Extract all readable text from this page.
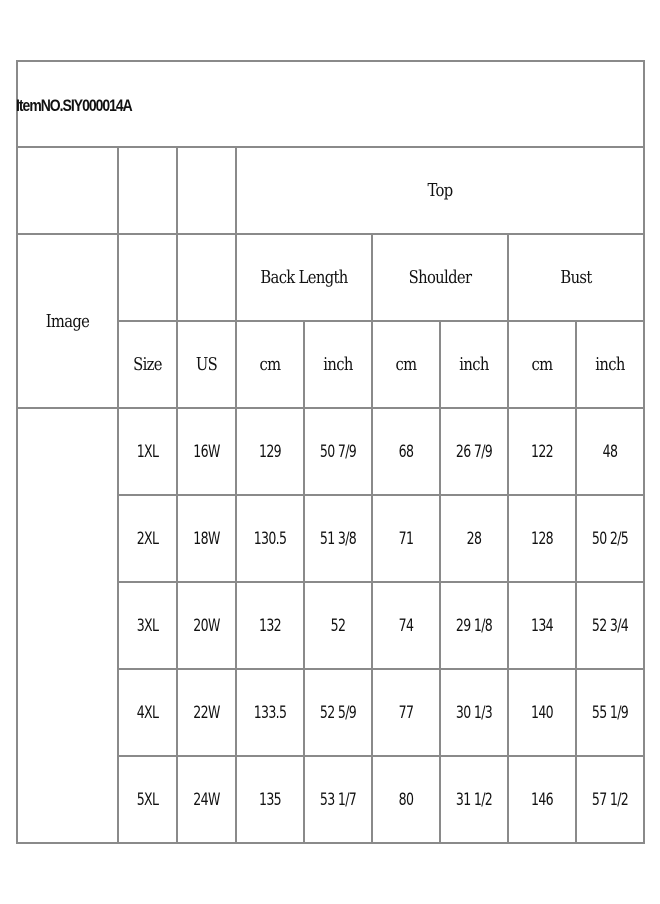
ItemNO.SIY000014A
Top
Image
Back Length	Shoulder	Bust
Size	US	cm	inch	cm	inch	cm	inch
1XL	16W	129	50 7/9	68	26 7/9	122	48
2XL	18W	130.5	51 3/8	71	28	128	50 2/5
3XL	20W	132	52	74	29 1/8	134	52 3/4
4XL	22W	133.5	52 5/9	77	30 1/3	140	55 1/9
5XL	24W	135	53 1/7	80	31 1/2	146	57 1/2
